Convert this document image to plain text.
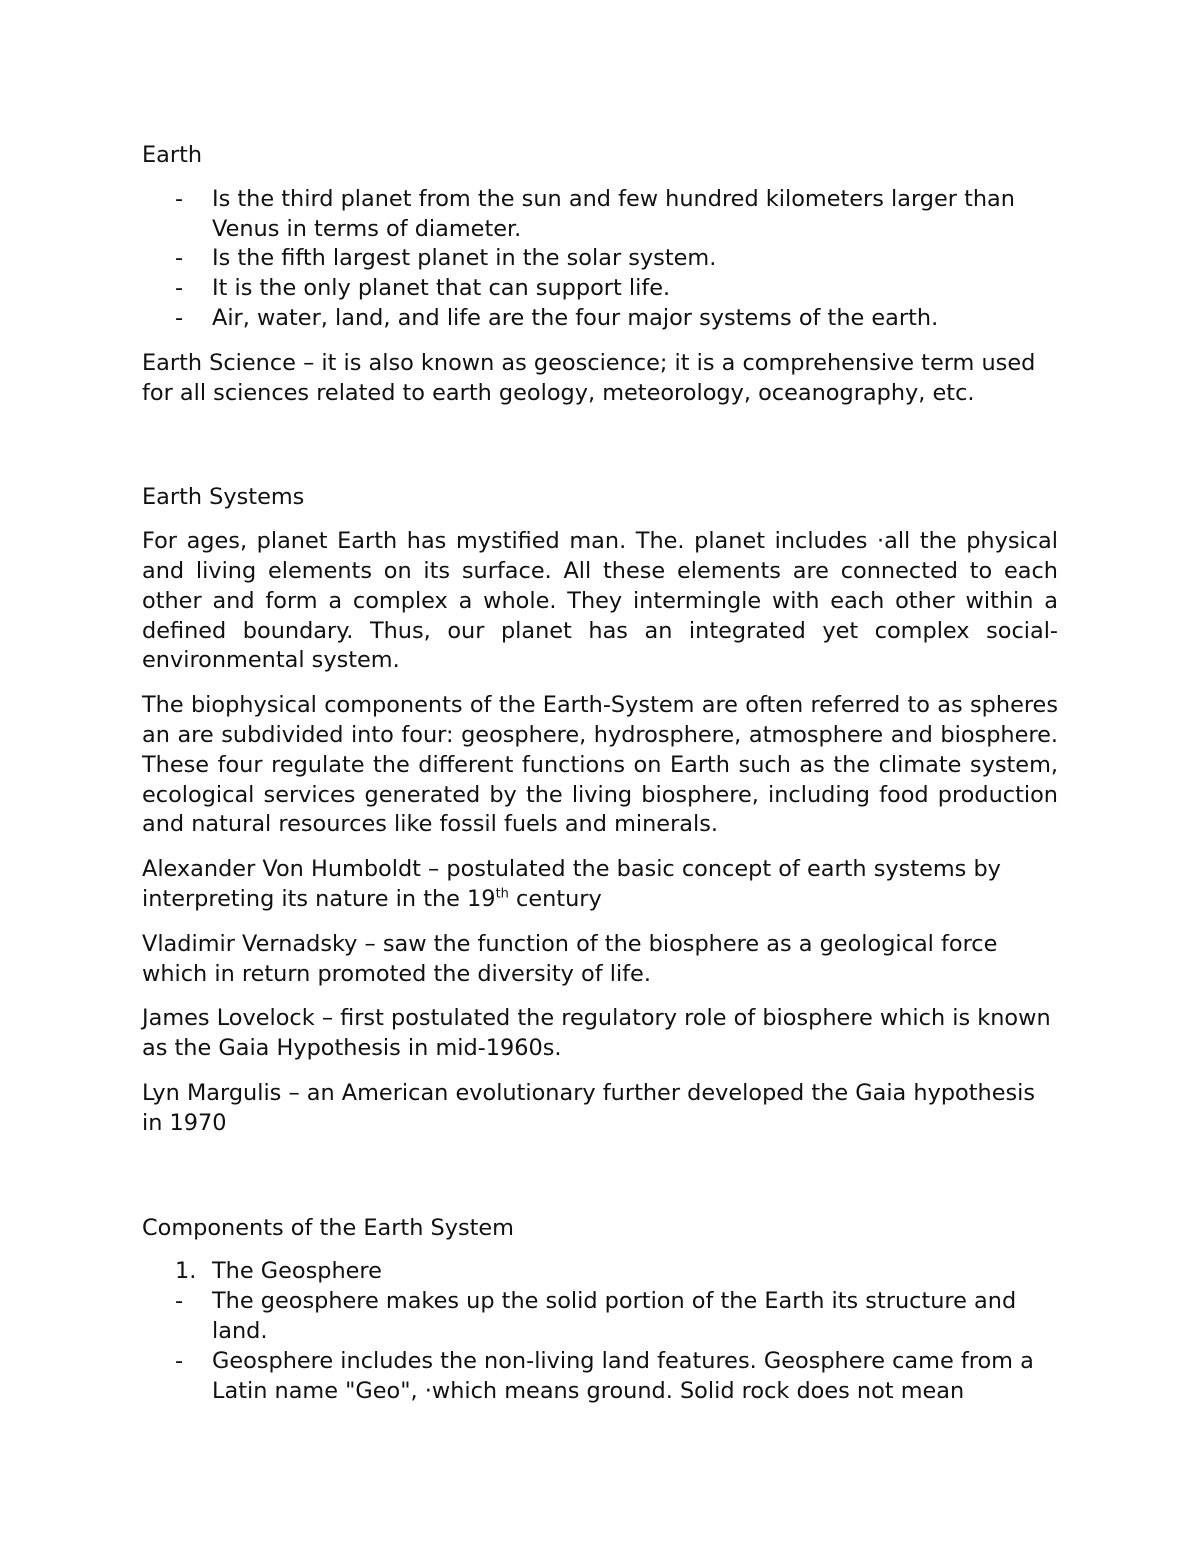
Earth

- Is the third planet from the sun and few hundred kilometers larger than Venus in terms of diameter.
- Is the fifth largest planet in the solar system.
- It is the only planet that can support life.
- Air, water, land, and life are the four major systems of the earth.

Earth Science – it is also known as geoscience; it is a comprehensive term used for all sciences related to earth geology, meteorology, oceanography, etc.

Earth Systems

For ages, planet Earth has mystified man. The. planet includes ·all the physical and living elements on its surface. All these elements are connected to each other and form a complex a whole. They intermingle with each other within a defined boundary. Thus, our planet has an integrated yet complex social-environmental system.

The biophysical components of the Earth-System are often referred to as spheres an are subdivided into four: geosphere, hydrosphere, atmosphere and biosphere. These four regulate the different functions on Earth such as the climate system, ecological services generated by the living biosphere, including food production and natural resources like fossil fuels and minerals.

Alexander Von Humboldt – postulated the basic concept of earth systems by interpreting its nature in the 19th century

Vladimir Vernadsky – saw the function of the biosphere as a geological force which in return promoted the diversity of life.

James Lovelock – first postulated the regulatory role of biosphere which is known as the Gaia Hypothesis in mid-1960s.

Lyn Margulis – an American evolutionary further developed the Gaia hypothesis in 1970

Components of the Earth System

1. The Geosphere
- The geosphere makes up the solid portion of the Earth its structure and land.
- Geosphere includes the non-living land features. Geosphere came from a Latin name "Geo", ·which means ground. Solid rock does not mean
